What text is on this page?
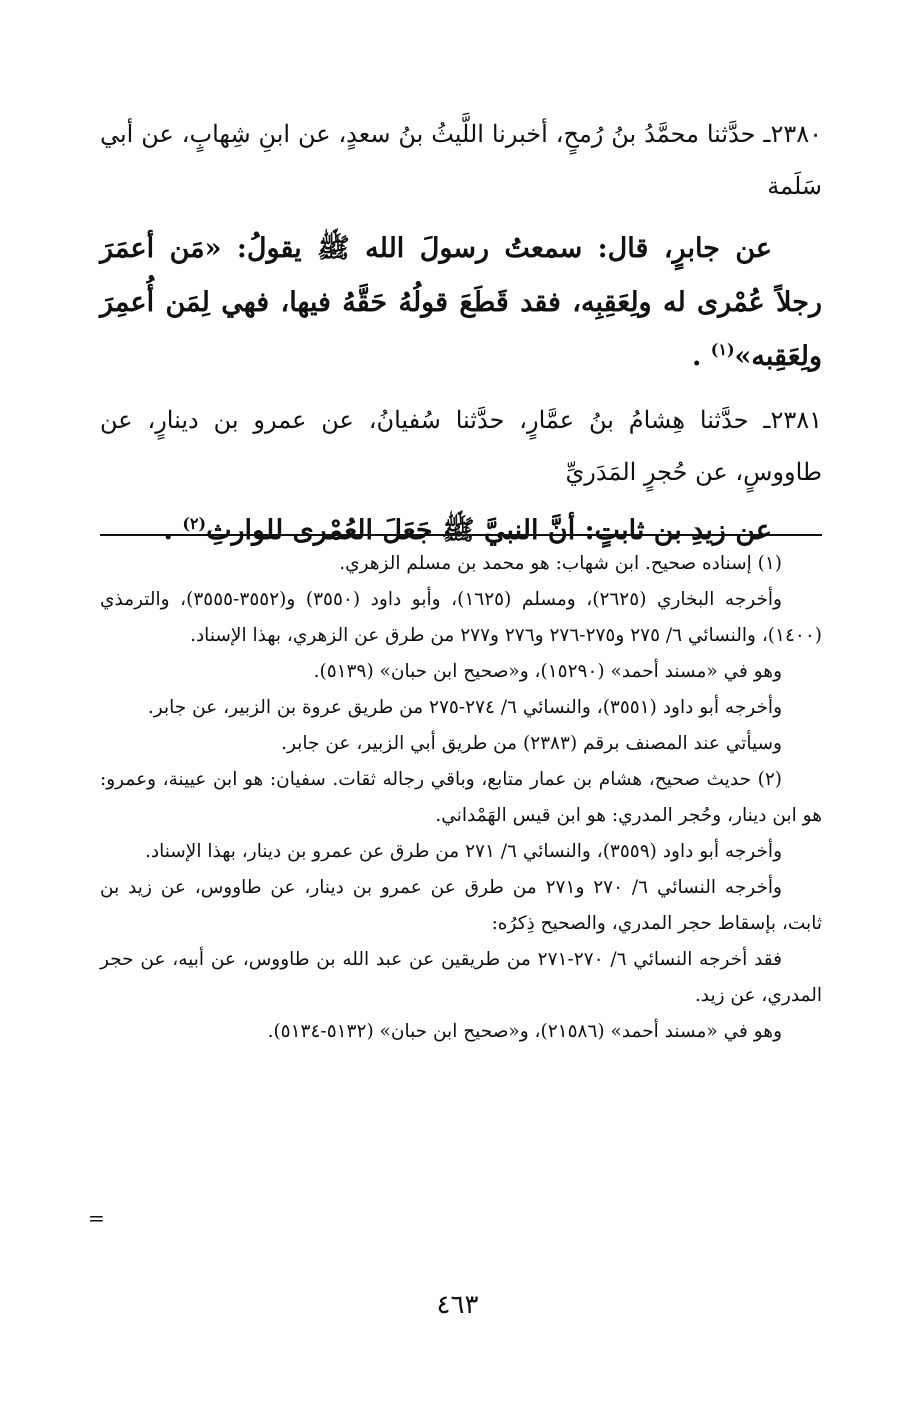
٢٣٨٠ـ حدَّثنا محمَّدُ بنُ رُمحٍ، أخبرنا اللَّيثُ بنُ سعدٍ، عن ابنِ شِهابٍ، عن أبي سَلَمة

عن جابرٍ، قال: سمعتُ رسولَ الله ﷺ يقولُ: «مَن أعمَرَ رجلاً عُمْرى له ولِعَقِبِه، فقد قَطَعَ قولُهُ حَقَّهُ فيها، فهي لِمَن أُعمِرَ ولِعَقِبه»$^{(١)}$ .

٢٣٨١ـ حدَّثنا هِشامُ بنُ عمَّارٍ، حدَّثنا سُفيانُ، عن عمرو بن دينارٍ، عن طاووسٍ، عن حُجرٍ المَدَريِّ

عن زيدِ بن ثابتٍ: أنَّ النبيَّ ﷺ جَعَلَ العُمْرى للوارثِ$^{(٢)}$ .

(١) إسناده صحيح. ابن شهاب: هو محمد بن مسلم الزهري.

وأخرجه البخاري (٢٦٢٥)، ومسلم (١٦٢٥)، وأبو داود (٣٥٥٠) و(٣٥٥٢-٣٥٥٥)، والترمذي (١٤٠٠)، والنسائي ٦/ ٢٧٥ و٢٧٥-٢٧٦ و٢٧٦ و٢٧٧ من طرق عن الزهري، بهذا الإسناد.

وهو في «مسند أحمد» (١٥٢٩٠)، و«صحيح ابن حبان» (٥١٣٩).

وأخرجه أبو داود (٣٥٥١)، والنسائي ٦/ ٢٧٤-٢٧٥ من طريق عروة بن الزبير، عن جابر.

وسيأتي عند المصنف برقم (٢٣٨٣) من طريق أبي الزبير، عن جابر.

(٢) حديث صحيح، هشام بن عمار متابع، وباقي رجاله ثقات. سفيان: هو ابن عيينة، وعمرو: هو ابن دينار، وحُجر المدري: هو ابن قيس الهَمْداني.

وأخرجه أبو داود (٣٥٥٩)، والنسائي ٦/ ٢٧١ من طرق عن عمرو بن دينار، بهذا الإسناد.

وأخرجه النسائي ٦/ ٢٧٠ و٢٧١ من طرق عن عمرو بن دينار، عن طاووس، عن زيد بن ثابت، بإسقاط حجر المدري، والصحيح ذِكرُه:

فقد أخرجه النسائي ٦/ ٢٧٠-٢٧١ من طريقين عن عبد الله بن طاووس، عن أبيه، عن حجر المدري، عن زيد.

وهو في «مسند أحمد» (٢١٥٨٦)، و«صحيح ابن حبان» (٥١٣٢-٥١٣٤).

=
٤٦٣
